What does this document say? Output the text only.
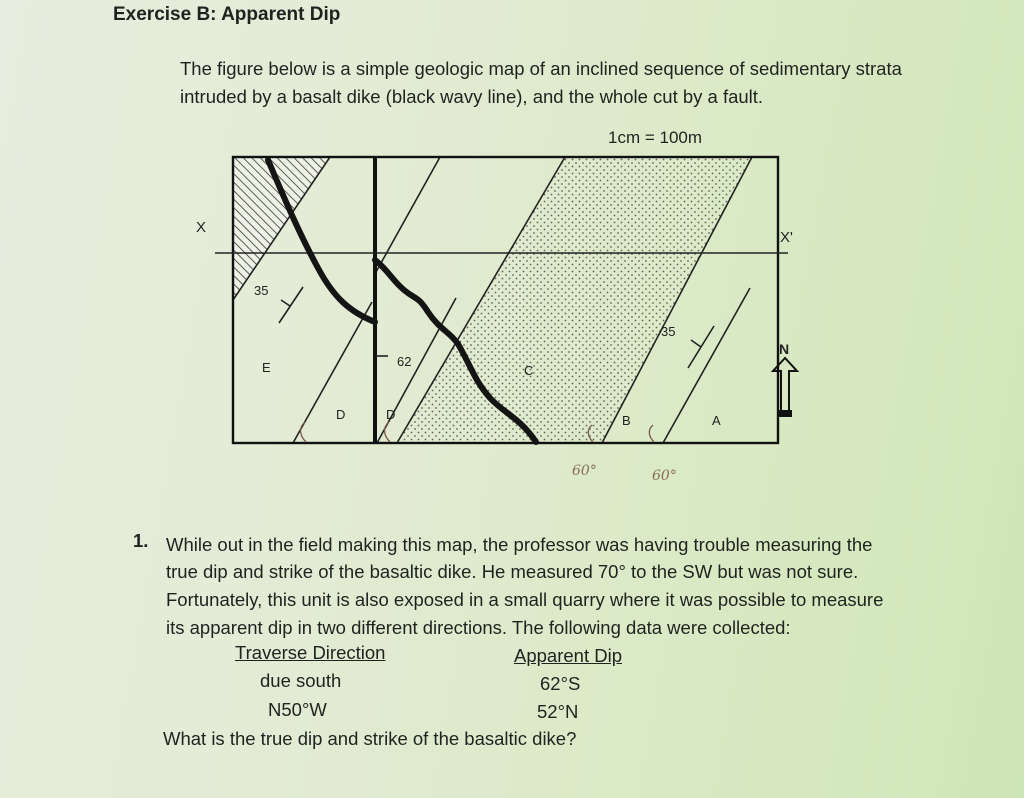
Exercise B: Apparent Dip
The figure below is a simple geologic map of an inclined sequence of sedimentary strata
intruded by a basalt dike (black wavy line), and the whole cut by a fault.
1cm = 100m
X
X'
35
35
62
E
D	D
C
B	A
N
60°	60°
1. While out in the field making this map, the professor was having trouble measuring the
true dip and strike of the basaltic dike. He measured 70° to the SW but was not sure.
Fortunately, this unit is also exposed in a small quarry where it was possible to measure
its apparent dip in two different directions. The following data were collected:
Traverse Direction	Apparent Dip
due south	62°S
N50°W	52°N
What is the true dip and strike of the basaltic dike?
